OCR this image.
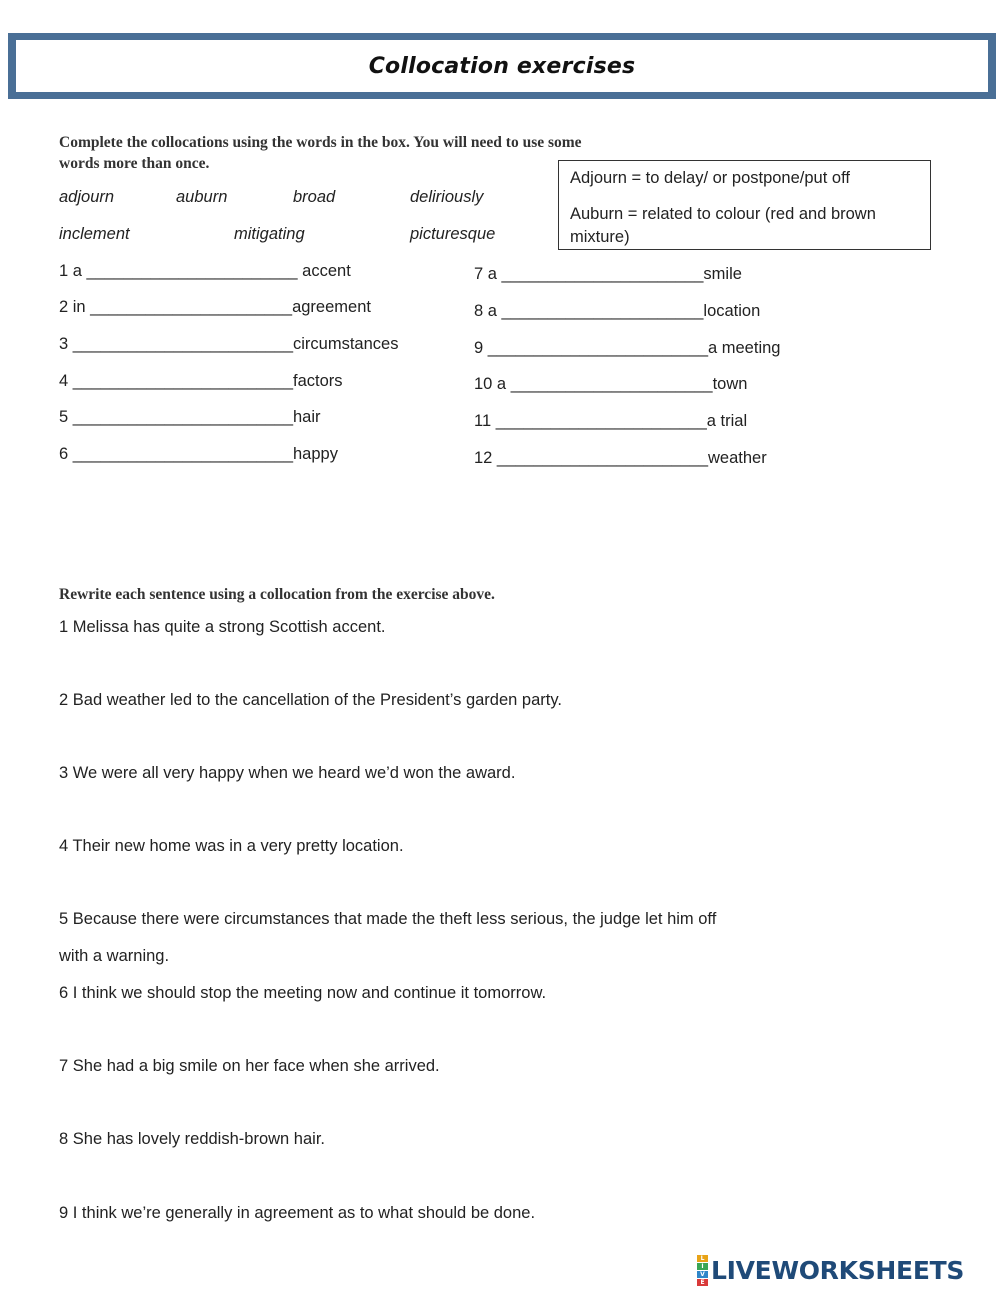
Collocation exercises
Complete the collocations using the words in the box. You will need to use some
words more than once.
adjourn	auburn	broad	deliriously
inclement	mitigating	picturesque
Adjourn = to delay/ or postpone/put off
Auburn = related to colour (red and brown mixture)
1 a _______________________ accent
2 in ______________________agreement
3 ________________________circumstances
4 ________________________factors
5 ________________________hair
6 ________________________happy
7 a ______________________smile
8 a ______________________location
9 ________________________a meeting
10 a ______________________town
11 _______________________a trial
12 _______________________weather
Rewrite each sentence using a collocation from the exercise above.
1 Melissa has quite a strong Scottish accent.
2 Bad weather led to the cancellation of the President’s garden party.
3 We were all very happy when we heard we’d won the award.
4 Their new home was in a very pretty location.
5 Because there were circumstances that made the theft less serious, the judge let him off
with a warning.
6 I think we should stop the meeting now and continue it tomorrow.
7 She had a big smile on her face when she arrived.
8 She has lovely reddish-brown hair.
9 I think we’re generally in agreement as to what should be done.
L
I
V
E LIVEWORKSHEETS
